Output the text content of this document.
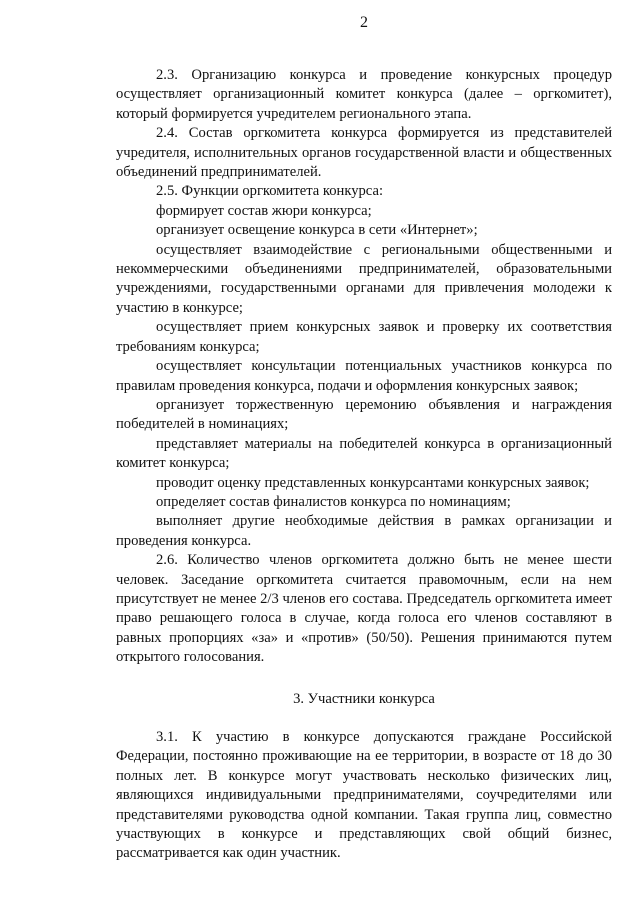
2

2.3. Организацию конкурса и проведение конкурсных процедур осуществляет организационный комитет конкурса (далее – оргкомитет), который формируется учредителем регионального этапа.

2.4. Состав оргкомитета конкурса формируется из представителей учредителя, исполнительных органов государственной власти и общественных объединений предпринимателей.

2.5. Функции оргкомитета конкурса:

формирует состав жюри конкурса;

организует освещение конкурса в сети «Интернет»;

осуществляет взаимодействие с региональными общественными и некоммерческими объединениями предпринимателей, образовательными учреждениями, государственными органами для привлечения молодежи к участию в конкурсе;

осуществляет прием конкурсных заявок и проверку их соответствия требованиям конкурса;

осуществляет консультации потенциальных участников конкурса по правилам проведения конкурса, подачи и оформления конкурсных заявок;

организует торжественную церемонию объявления и награждения победителей в номинациях;

представляет материалы на победителей конкурса в организационный комитет конкурса;

проводит оценку представленных конкурсантами конкурсных заявок;

определяет состав финалистов конкурса по номинациям;

выполняет другие необходимые действия в рамках организации и проведения конкурса.

2.6. Количество членов оргкомитета должно быть не менее шести человек. Заседание оргкомитета считается правомочным, если на нем присутствует не менее 2/3 членов его состава. Председатель оргкомитета имеет право решающего голоса в случае, когда голоса его членов составляют в равных пропорциях «за» и «против» (50/50). Решения принимаются путем открытого голосования.

3. Участники конкурса

3.1. К участию в конкурсе допускаются граждане Российской Федерации, постоянно проживающие на ее территории, в возрасте от 18 до 30 полных лет. В конкурсе могут участвовать несколько физических лиц, являющихся индивидуальными предпринимателями, соучредителями или представителями руководства одной компании. Такая группа лиц, совместно участвующих в конкурсе и представляющих свой общий бизнес, рассматривается как один участник.
